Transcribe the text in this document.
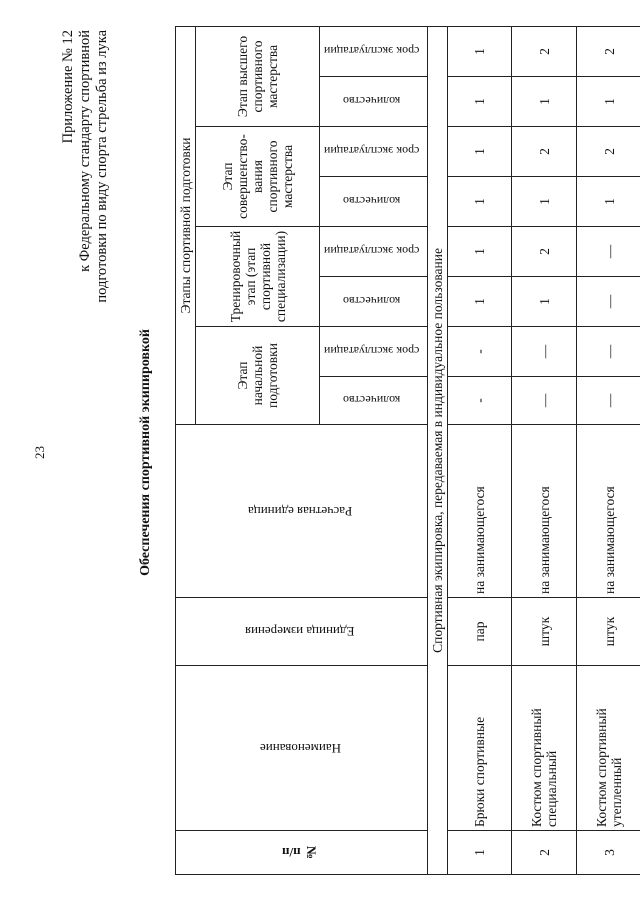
23
Приложение № 12 к Федеральному стандарту спортивной подготовки по виду спорта стрельба из лука
Обеспечения спортивной экипировкой
№ п/п	Наименование	Единица измерения	Расчетная единица	Этапы спортивной подготовки							
				Этап начальной подготовки		Тренировочный этап (этап спортивной специализации)		Этап совершенство-вания спортивного мастерства		Этап высшего спортивного мастерства	
				количество	срок эксплуатации	количество	срок эксплуатации	количество	срок эксплуатации	количество	срок эксплуатации
Спортивная экипировка, передаваемая в индивидуальное пользование											
1	Брюки спортивные	пар	на занимающегося	-	-	1	1	1	1	1	1
2	Костюм спортивный специальный	штук	на занимающегося	—	—	1	2	1	2	1	2
3	Костюм спортивный утепленный	штук	на занимающегося	—	—	—	—	1	2	1	2
